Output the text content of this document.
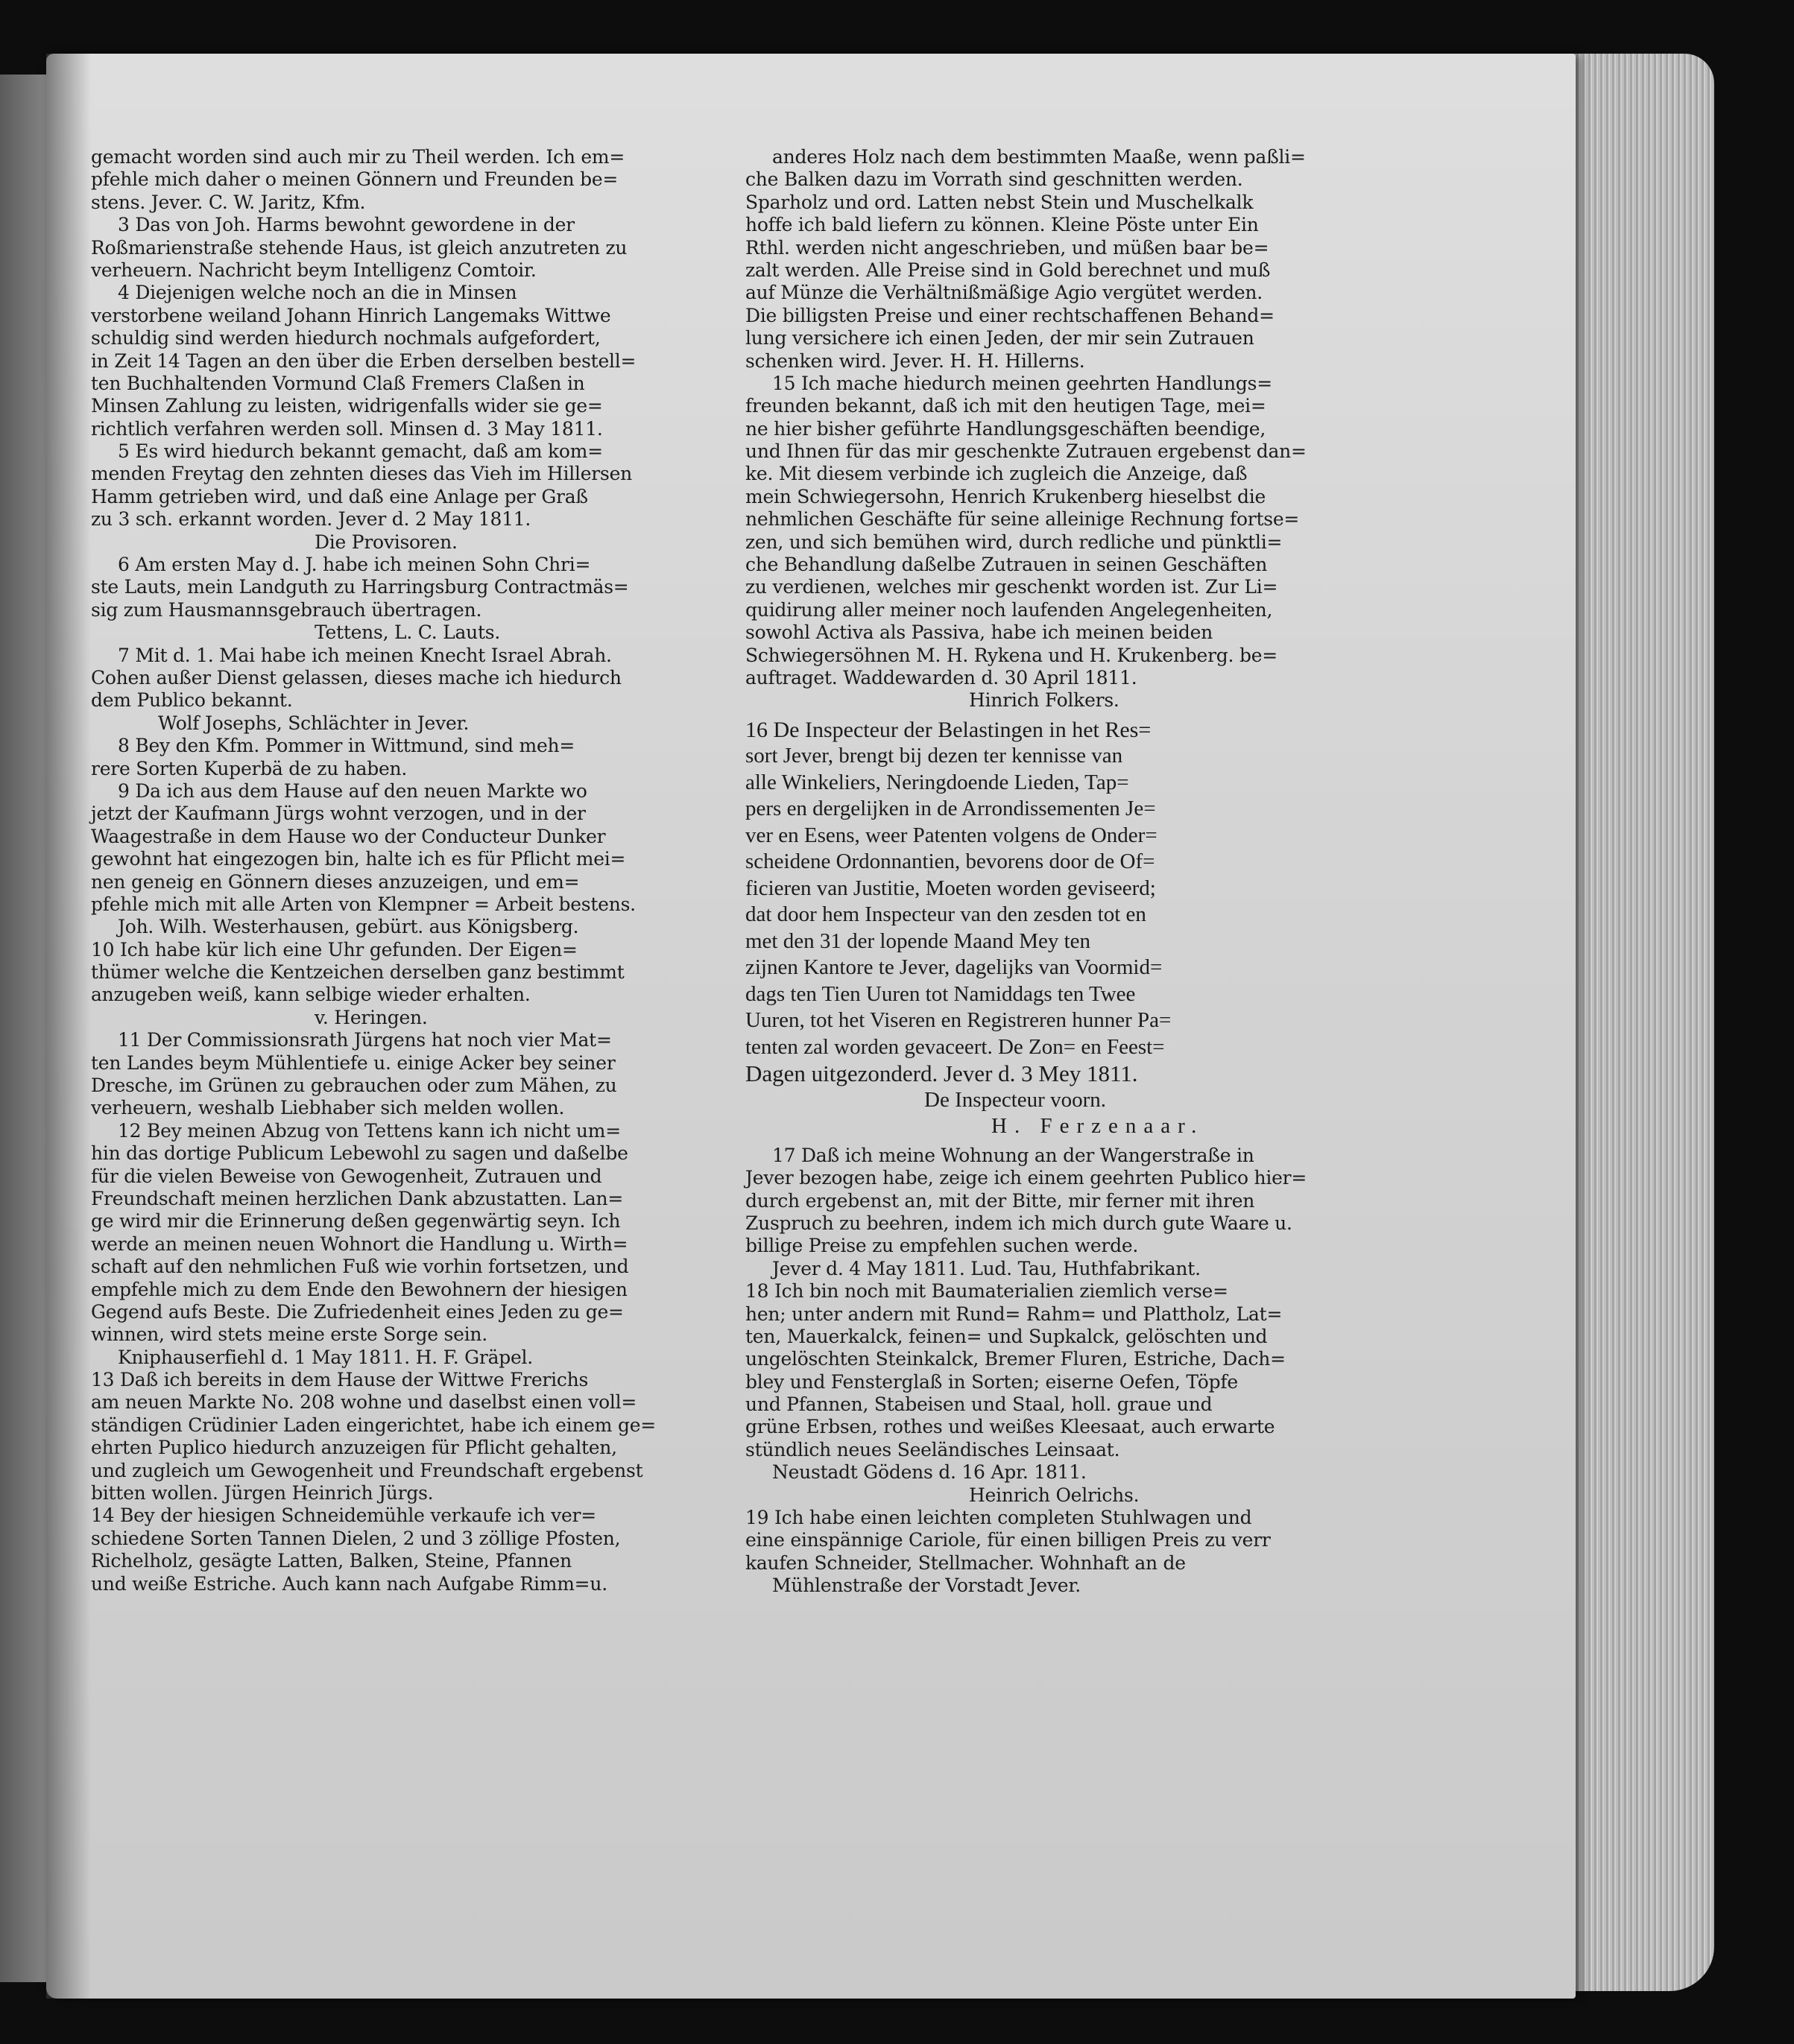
gemacht worden sind auch mir zu Theil werden. Ich em=
pfehle mich daher o meinen Gönnern und Freunden be=
stens. Jever. C. W. Jaritz, Kfm.
3 Das von Joh. Harms bewohnt gewordene in der
Roßmarienstraße stehende Haus, ist gleich anzutreten zu
verheuern. Nachricht beym Intelligenz Comtoir.
4 Diejenigen welche noch an die in Minsen
verstorbene weiland Johann Hinrich Langemaks Wittwe
schuldig sind werden hiedurch nochmals aufgefordert,
in Zeit 14 Tagen an den über die Erben derselben bestell=
ten Buchhaltenden Vormund Claß Fremers Claßen in
Minsen Zahlung zu leisten, widrigenfalls wider sie ge=
richtlich verfahren werden soll. Minsen d. 3 May 1811.
5 Es wird hiedurch bekannt gemacht, daß am kom=
menden Freytag den zehnten dieses das Vieh im Hillersen
Hamm getrieben wird, und daß eine Anlage per Graß
zu 3 sch. erkannt worden. Jever d. 2 May 1811.
Die Provisoren.
6 Am ersten May d. J. habe ich meinen Sohn Chri=
ste Lauts, mein Landguth zu Harringsburg Contractmäs=
sig zum Hausmannsgebrauch übertragen.
Tettens, L. C. Lauts.
7 Mit d. 1. Mai habe ich meinen Knecht Israel Abrah.
Cohen außer Dienst gelassen, dieses mache ich hiedurch
dem Publico bekannt.
Wolf Josephs, Schlächter in Jever.
8 Bey den Kfm. Pommer in Wittmund, sind meh=
rere Sorten Kuperbä de zu haben.
9 Da ich aus dem Hause auf den neuen Markte wo
jetzt der Kaufmann Jürgs wohnt verzogen, und in der
Waagestraße in dem Hause wo der Conducteur Dunker
gewohnt hat eingezogen bin, halte ich es für Pflicht mei=
nen geneig en Gönnern dieses anzuzeigen, und em=
pfehle mich mit alle Arten von Klempner = Arbeit bestens.
Joh. Wilh. Westerhausen, gebürt. aus Königsberg.
10 Ich habe kür lich eine Uhr gefunden. Der Eigen=
thümer welche die Kentzeichen derselben ganz bestimmt
anzugeben weiß, kann selbige wieder erhalten.
v. Heringen.
11 Der Commissionsrath Jürgens hat noch vier Mat=
ten Landes beym Mühlentiefe u. einige Acker bey seiner
Dresche, im Grünen zu gebrauchen oder zum Mähen, zu
verheuern, weshalb Liebhaber sich melden wollen.
12 Bey meinen Abzug von Tettens kann ich nicht um=
hin das dortige Publicum Lebewohl zu sagen und daßelbe
für die vielen Beweise von Gewogenheit, Zutrauen und
Freundschaft meinen herzlichen Dank abzustatten. Lan=
ge wird mir die Erinnerung deßen gegenwärtig seyn. Ich
werde an meinen neuen Wohnort die Handlung u. Wirth=
schaft auf den nehmlichen Fuß wie vorhin fortsetzen, und
empfehle mich zu dem Ende den Bewohnern der hiesigen
Gegend aufs Beste. Die Zufriedenheit eines Jeden zu ge=
winnen, wird stets meine erste Sorge sein.
Kniphauserfiehl d. 1 May 1811. H. F. Gräpel.
13 Daß ich bereits in dem Hause der Wittwe Frerichs
am neuen Markte No. 208 wohne und daselbst einen voll=
ständigen Crüdinier Laden eingerichtet, habe ich einem ge=
ehrten Puplico hiedurch anzuzeigen für Pflicht gehalten,
und zugleich um Gewogenheit und Freundschaft ergebenst
bitten wollen. Jürgen Heinrich Jürgs.
14 Bey der hiesigen Schneidemühle verkaufe ich ver=
schiedene Sorten Tannen Dielen, 2 und 3 zöllige Pfosten,
Richelholz, gesägte Latten, Balken, Steine, Pfannen
und weiße Estriche. Auch kann nach Aufgabe Rimm=u.
anderes Holz nach dem bestimmten Maaße, wenn paßli=
che Balken dazu im Vorrath sind geschnitten werden.
Sparholz und ord. Latten nebst Stein und Muschelkalk
hoffe ich bald liefern zu können. Kleine Pöste unter Ein
Rthl. werden nicht angeschrieben, und müßen baar be=
zalt werden. Alle Preise sind in Gold berechnet und muß
auf Münze die Verhältnißmäßige Agio vergütet werden.
Die billigsten Preise und einer rechtschaffenen Behand=
lung versichere ich einen Jeden, der mir sein Zutrauen
schenken wird. Jever. H. H. Hillerns.
15 Ich mache hiedurch meinen geehrten Handlungs=
freunden bekannt, daß ich mit den heutigen Tage, mei=
ne hier bisher geführte Handlungsgeschäften beendige,
und Ihnen für das mir geschenkte Zutrauen ergebenst dan=
ke. Mit diesem verbinde ich zugleich die Anzeige, daß
mein Schwiegersohn, Henrich Krukenberg hieselbst die
nehmlichen Geschäfte für seine alleinige Rechnung fortse=
zen, und sich bemühen wird, durch redliche und pünktli=
che Behandlung daßelbe Zutrauen in seinen Geschäften
zu verdienen, welches mir geschenkt worden ist. Zur Li=
quidirung aller meiner noch laufenden Angelegenheiten,
sowohl Activa als Passiva, habe ich meinen beiden
Schwiegersöhnen M. H. Rykena und H. Krukenberg. be=
auftraget. Waddewarden d. 30 April 1811.
Hinrich Folkers.
16 De Inspecteur der Belastingen in het Res=
sort Jever, brengt bij dezen ter kennisse van
alle Winkeliers, Neringdoende Lieden, Tap=
pers en dergelijken in de Arrondissementen Je=
ver en Esens, weer Patenten volgens de Onder=
scheidene Ordonnantien, bevorens door de Of=
ficieren van Justitie, Moeten worden geviseerd;
dat door hem Inspecteur van den zesden tot en
met den 31 der lopende Maand Mey ten
zijnen Kantore te Jever, dagelijks van Voormid=
dags ten Tien Uuren tot Namiddags ten Twee
Uuren, tot het Viseren en Registreren hunner Pa=
tenten zal worden gevaceert. De Zon= en Feest=
Dagen uitgezonderd. Jever d. 3 Mey 1811.
De Inspecteur voorn.
H. Ferzenaar.
17 Daß ich meine Wohnung an der Wangerstraße in
Jever bezogen habe, zeige ich einem geehrten Publico hier=
durch ergebenst an, mit der Bitte, mir ferner mit ihren
Zuspruch zu beehren, indem ich mich durch gute Waare u.
billige Preise zu empfehlen suchen werde.
Jever d. 4 May 1811. Lud. Tau, Huthfabrikant.
18 Ich bin noch mit Baumaterialien ziemlich verse=
hen; unter andern mit Rund= Rahm= und Plattholz, Lat=
ten, Mauerkalck, feinen= und Supkalck, gelöschten und
ungelöschten Steinkalck, Bremer Fluren, Estriche, Dach=
bley und Fensterglaß in Sorten; eiserne Oefen, Töpfe
und Pfannen, Stabeisen und Staal, holl. graue und
grüne Erbsen, rothes und weißes Kleesaat, auch erwarte
stündlich neues Seeländisches Leinsaat.
Neustadt Gödens d. 16 Apr. 1811.
Heinrich Oelrichs.
19 Ich habe einen leichten completen Stuhlwagen und
eine einspännige Cariole, für einen billigen Preis zu verr
kaufen Schneider, Stellmacher. Wohnhaft an de
Mühlenstraße der Vorstadt Jever.
